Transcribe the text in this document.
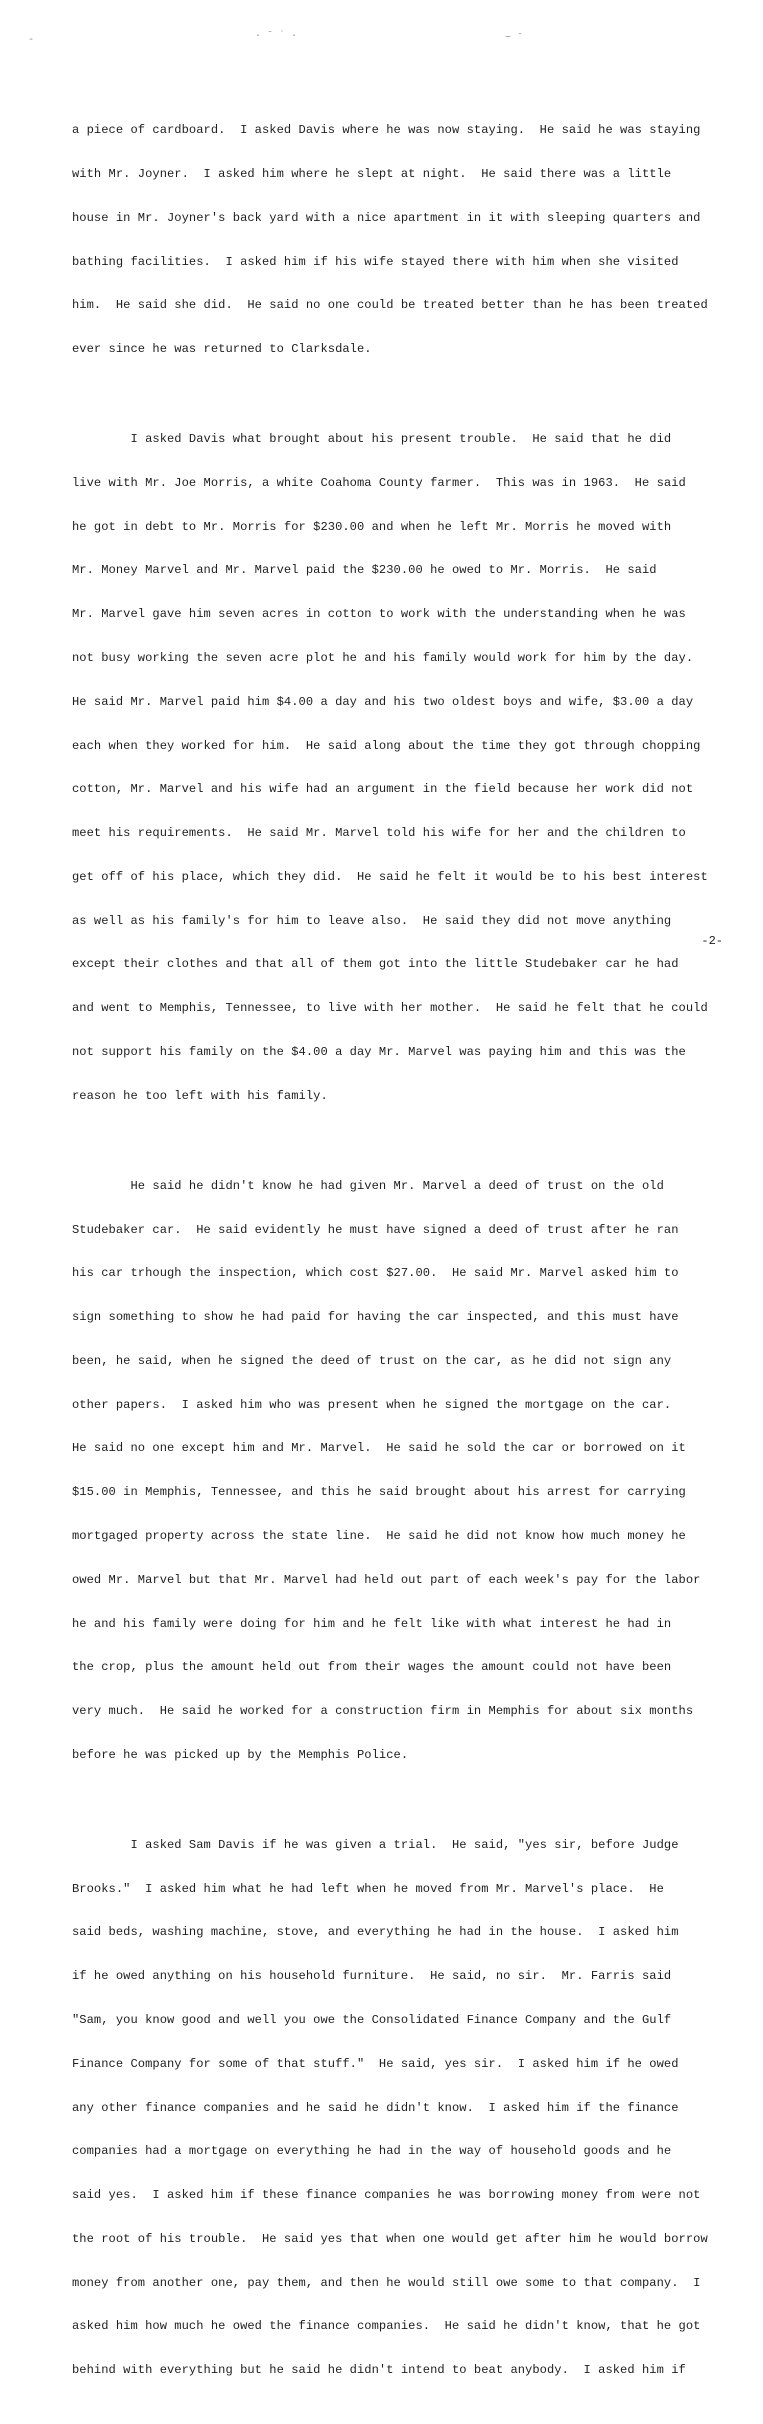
-	· ˉ ˙ ·	~ ˉ

a piece of cardboard.  I asked Davis where he was now staying.  He said he was staying

with Mr. Joyner.  I asked him where he slept at night.  He said there was a little

house in Mr. Joyner's back yard with a nice apartment in it with sleeping quarters and

bathing facilities.  I asked him if his wife stayed there with him when she visited

him.  He said she did.  He said no one could be treated better than he has been treated

ever since he was returned to Clarksdale.

I asked Davis what brought about his present trouble.  He said that he did

live with Mr. Joe Morris, a white Coahoma County farmer.  This was in 1963.  He said

he got in debt to Mr. Morris for $230.00 and when he left Mr. Morris he moved with

Mr. Money Marvel and Mr. Marvel paid the $230.00 he owed to Mr. Morris.  He said

Mr. Marvel gave him seven acres in cotton to work with the understanding when he was

not busy working the seven acre plot he and his family would work for him by the day.

He said Mr. Marvel paid him $4.00 a day and his two oldest boys and wife, $3.00 a day

each when they worked for him.  He said along about the time they got through chopping

cotton, Mr. Marvel and his wife had an argument in the field because her work did not

meet his requirements.  He said Mr. Marvel told his wife for her and the children to

get off of his place, which they did.  He said he felt it would be to his best interest

as well as his family's for him to leave also.  He said they did not move anything

except their clothes and that all of them got into the little Studebaker car he had

and went to Memphis, Tennessee, to live with her mother.  He said he felt that he could

not support his family on the $4.00 a day Mr. Marvel was paying him and this was the

reason he too left with his family.

He said he didn't know he had given Mr. Marvel a deed of trust on the old

Studebaker car.  He said evidently he must have signed a deed of trust after he ran

his car trhough the inspection, which cost $27.00.  He said Mr. Marvel asked him to

sign something to show he had paid for having the car inspected, and this must have

been, he said, when he signed the deed of trust on the car, as he did not sign any

other papers.  I asked him who was present when he signed the mortgage on the car.

He said no one except him and Mr. Marvel.  He said he sold the car or borrowed on it

$15.00 in Memphis, Tennessee, and this he said brought about his arrest for carrying

mortgaged property across the state line.  He said he did not know how much money he

owed Mr. Marvel but that Mr. Marvel had held out part of each week's pay for the labor

he and his family were doing for him and he felt like with what interest he had in

the crop, plus the amount held out from their wages the amount could not have been

very much.  He said he worked for a construction firm in Memphis for about six months

before he was picked up by the Memphis Police.

I asked Sam Davis if he was given a trial.  He said, "yes sir, before Judge

Brooks."  I asked him what he had left when he moved from Mr. Marvel's place.  He

said beds, washing machine, stove, and everything he had in the house.  I asked him

if he owed anything on his household furniture.  He said, no sir.  Mr. Farris said

"Sam, you know good and well you owe the Consolidated Finance Company and the Gulf

Finance Company for some of that stuff."  He said, yes sir.  I asked him if he owed

any other finance companies and he said he didn't know.  I asked him if the finance

companies had a mortgage on everything he had in the way of household goods and he

said yes.  I asked him if these finance companies he was borrowing money from were not

the root of his trouble.  He said yes that when one would get after him he would borrow

money from another one, pay them, and then he would still owe some to that company.  I

asked him how much he owed the finance companies.  He said he didn't know, that he got

behind with everything but he said he didn't intend to beat anybody.  I asked him if

-2-
